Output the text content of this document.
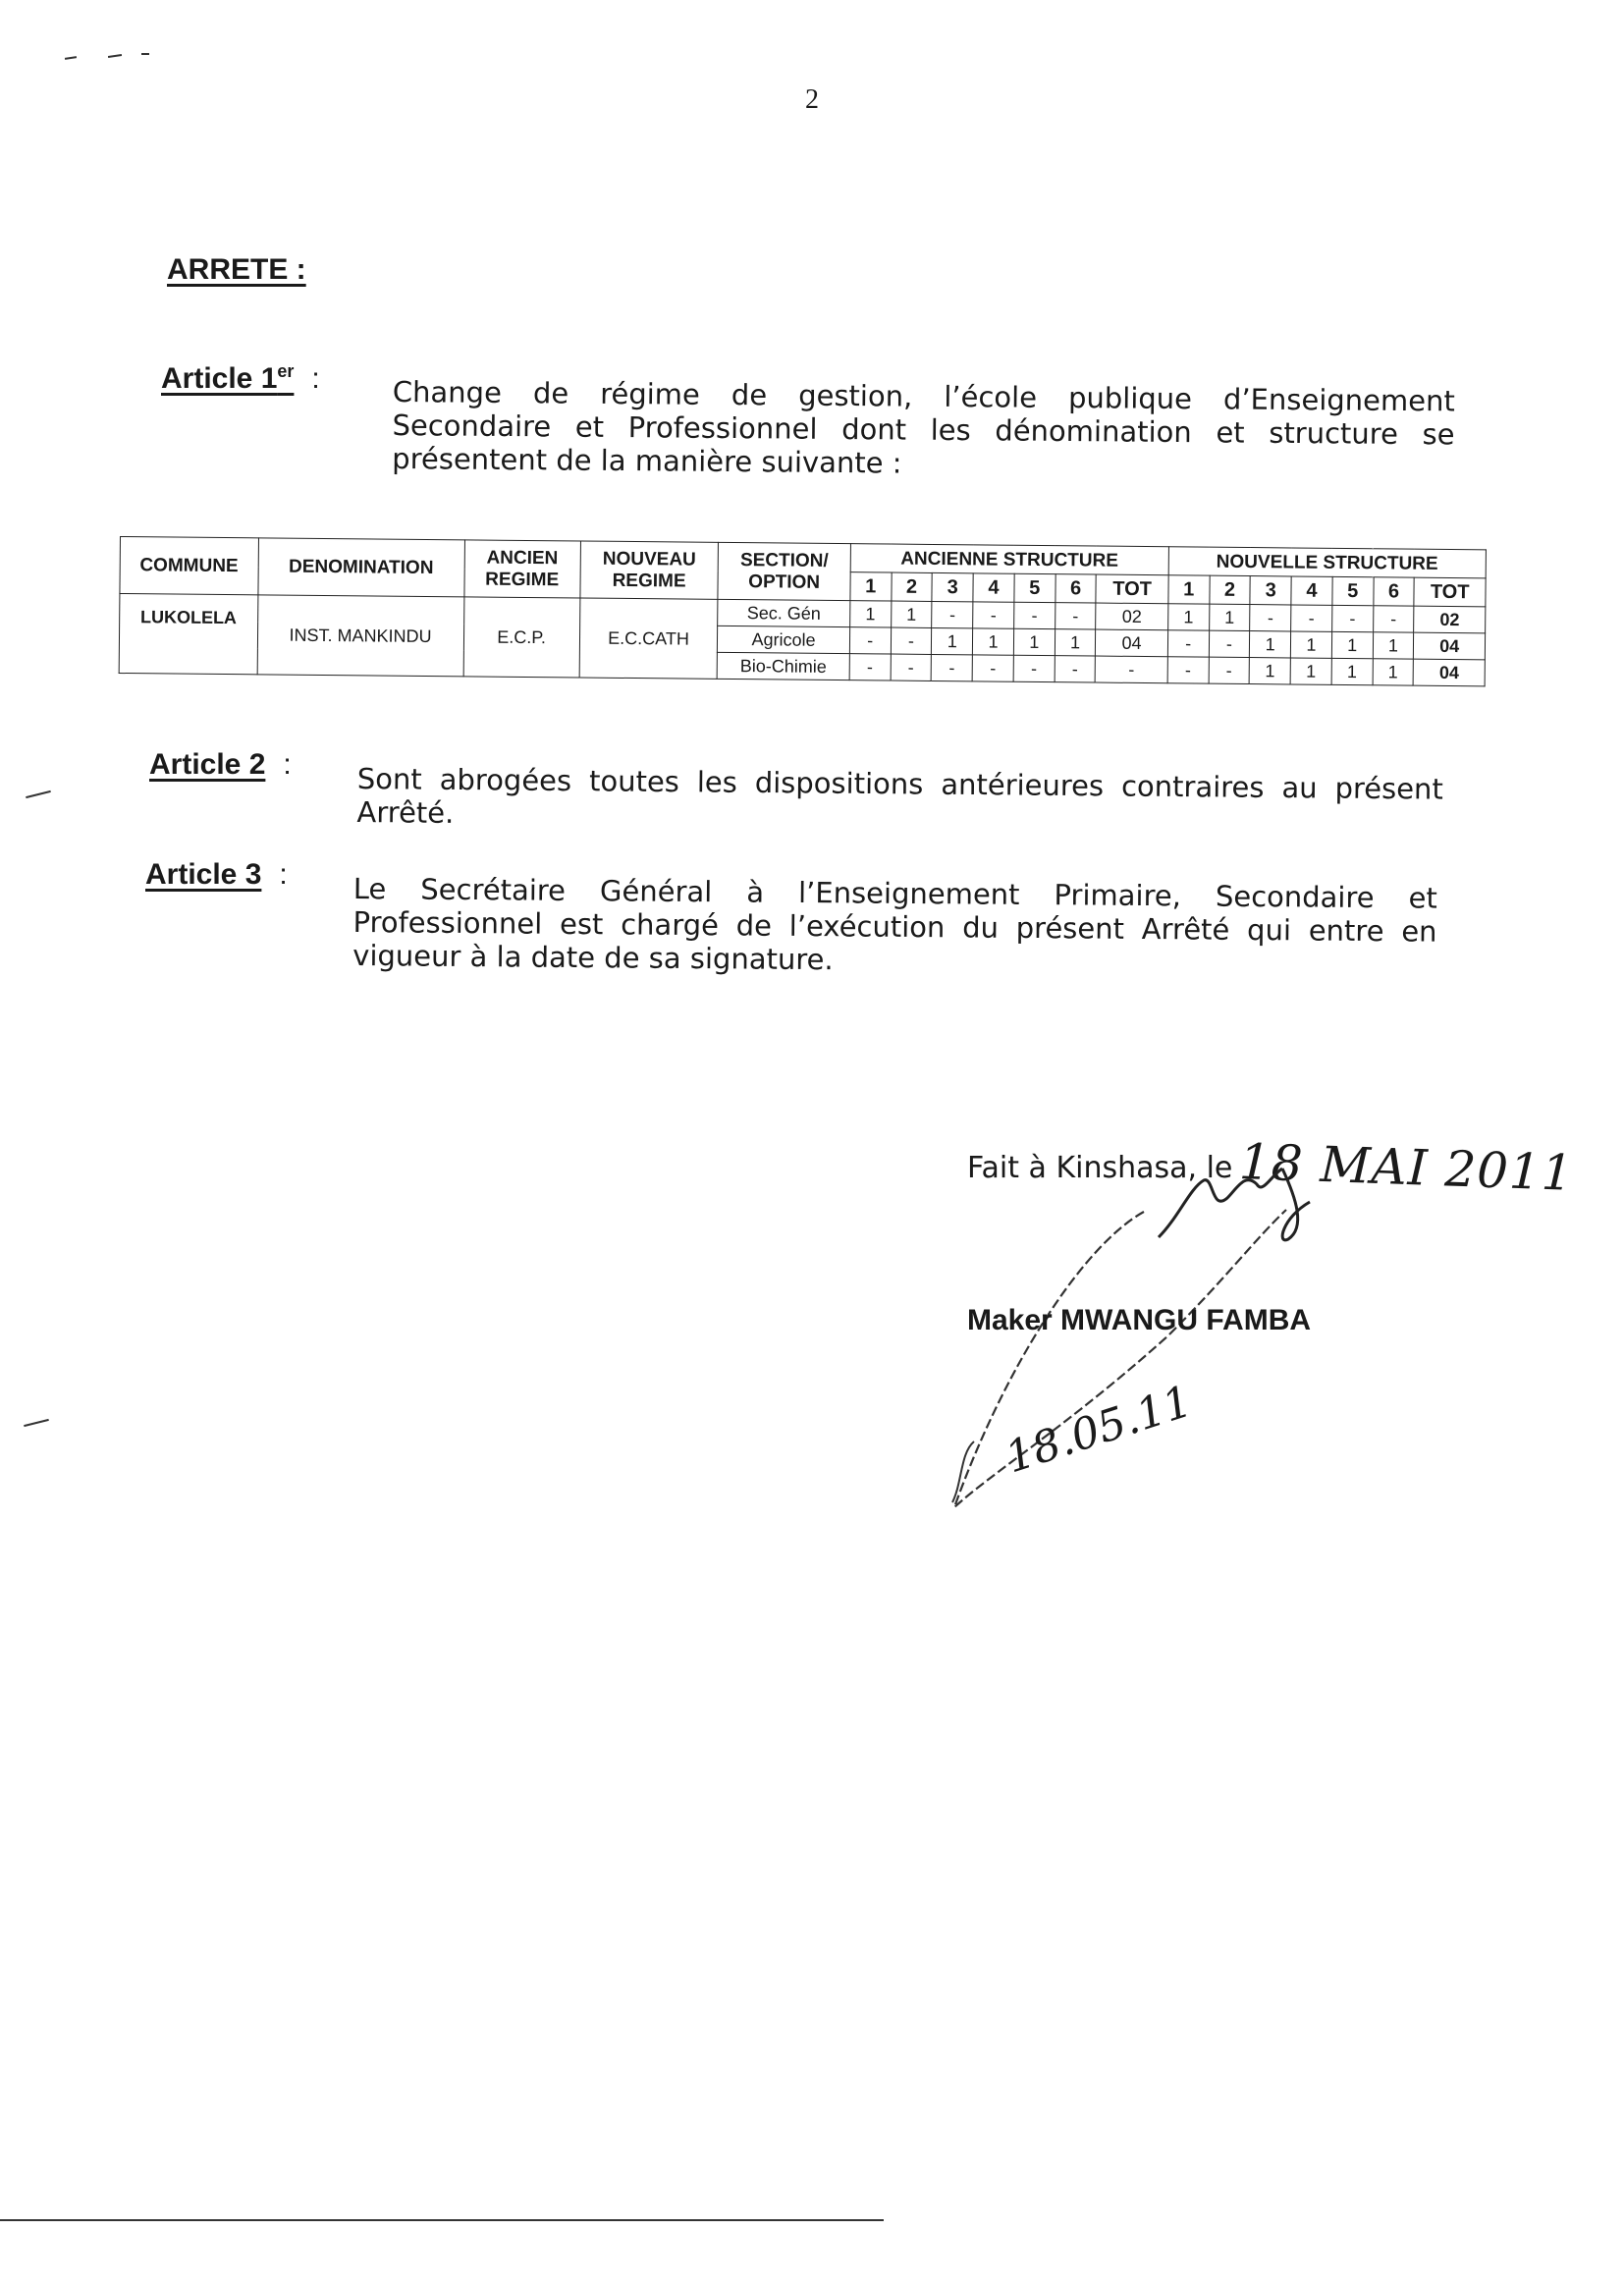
2
ARRETE :
Article 1er :	Change de régime de gestion, l’école publique d’Enseignement Secondaire et Professionnel dont les dénomination et structure se présentent de la manière suivante :
COMMUNE	DENOMINATION	ANCIEN REGIME	NOUVEAU REGIME	SECTION/ OPTION	ANCIENNE STRUCTURE							NOUVELLE STRUCTURE						
					1	2	3	4	5	6	TOT	1	2	3	4	5	6	TOT
LUKOLELA	INST. MANKINDU	E.C.P.	E.C.CATH	Sec. Gén	1	1	-	-	-	-	02	1	1	-	-	-	-	02
				Agricole	-	-	1	1	1	1	04	-	-	1	1	1	1	04
				Bio-Chimie	-	-	-	-	-	-	-	-	-	1	1	1	1	04
Article 2 : Sont abrogées toutes les dispositions antérieures contraires au présent Arrêté.
Article 3 : Le Secrétaire Général à l’Enseignement Primaire, Secondaire et Professionnel est chargé de l’exécution du présent Arrêté qui entre en vigueur à la date de sa signature.
Fait à Kinshasa, le 18 MAI 2011
Maker MWANGU FAMBA
18.05.11
